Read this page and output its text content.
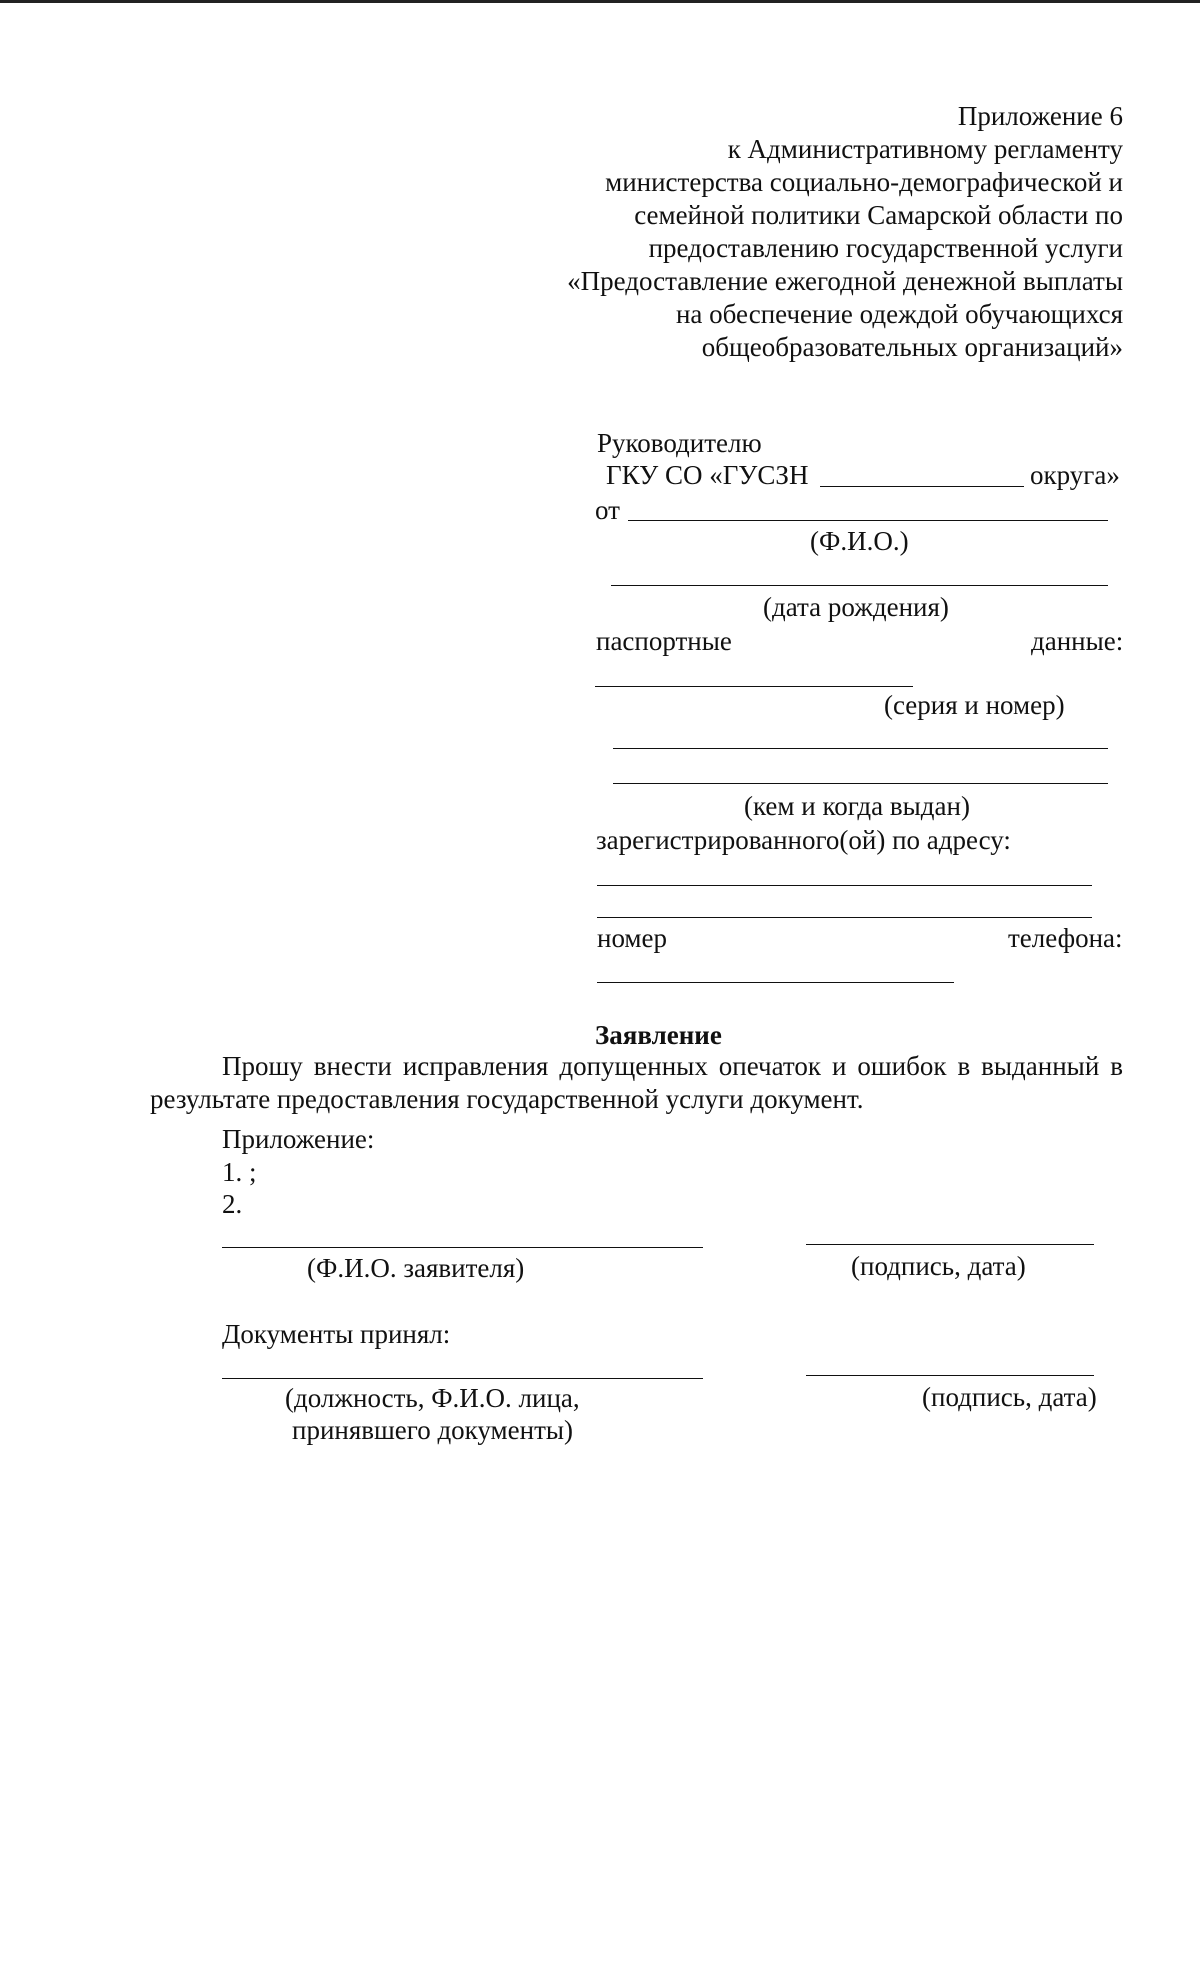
Приложение 6
к Административному регламенту
министерства социально-демографической и
семейной политики Самарской области по
предоставлению государственной услуги
«Предоставление ежегодной денежной выплаты
на обеспечение одеждой обучающихся
общеобразовательных организаций»
Руководителю
ГКУ СО «ГУСЗН	округа»
от
(Ф.И.О.)
(дата рождения)
паспортные	данные:
(серия и номер)
(кем и когда выдан)
зарегистрированного(ой) по адресу:
номер	телефона:
Заявление
Прошу внести исправления допущенных опечаток и ошибок в выданный в результате предоставления государственной услуги документ.
Приложение:
1. ;
2.
(Ф.И.О. заявителя)	(подпись, дата)
Документы принял:
(должность, Ф.И.О. лица,
принявшего документы)
(подпись, дата)
